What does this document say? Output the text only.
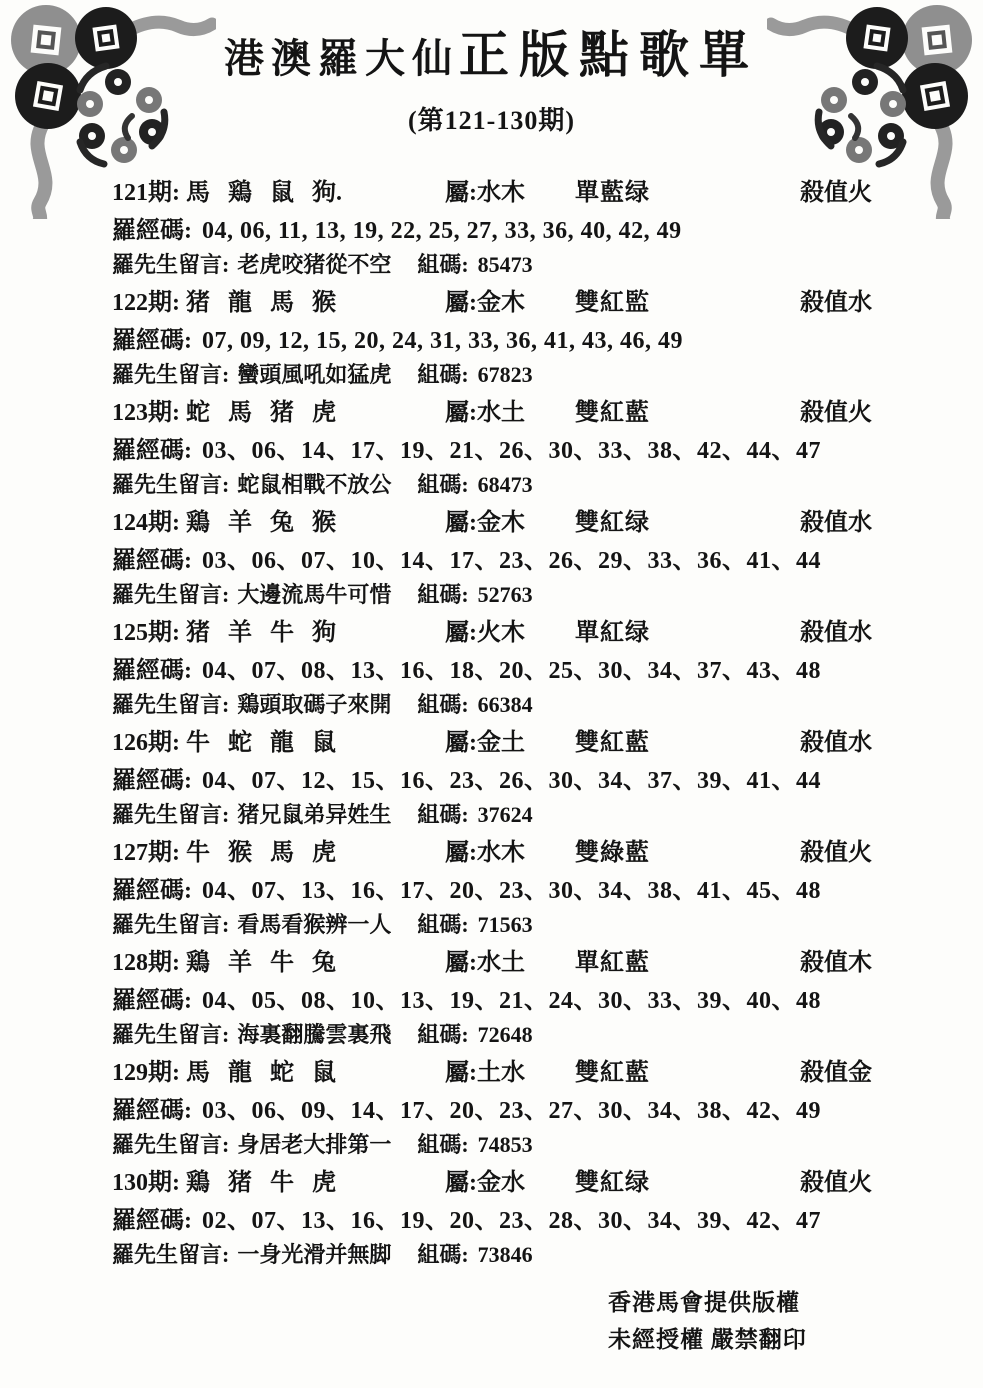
港澳羅大仙正版點歌單
(第121-130期)
121期: 馬 鶏 鼠 狗.	屬:水木	單藍绿	殺值火
羅經碼: 04, 06, 11, 13, 19, 22, 25, 27, 33, 36, 40, 42, 49
羅先生留言: 老虎咬猪從不空 組碼: 85473
122期: 猪 龍 馬 猴	屬:金木	雙紅監	殺值水
羅經碼: 07, 09, 12, 15, 20, 24, 31, 33, 36, 41, 43, 46, 49
羅先生留言: 蠻頭風吼如猛虎 組碼: 67823
123期: 蛇 馬 猪 虎	屬:水土	雙紅藍	殺值火
羅經碼: 03、06、14、17、19、21、26、30、33、38、42、44、47
羅先生留言: 蛇鼠相戰不放公 組碼: 68473
124期: 鶏 羊 兔 猴	屬:金木	雙紅绿	殺值水
羅經碼: 03、06、07、10、14、17、23、26、29、33、36、41、44
羅先生留言: 大邊流馬牛可惜 組碼: 52763
125期: 猪 羊 牛 狗	屬:火木	單紅绿	殺值水
羅經碼: 04、07、08、13、16、18、20、25、30、34、37、43、48
羅先生留言: 鶏頭取碼子來開 組碼: 66384
126期: 牛 蛇 龍 鼠	屬:金土	雙紅藍	殺值水
羅經碼: 04、07、12、15、16、23、26、30、34、37、39、41、44
羅先生留言: 猪兄鼠弟异姓生 組碼: 37624
127期: 牛 猴 馬 虎	屬:水木	雙綠藍	殺值火
羅經碼: 04、07、13、16、17、20、23、30、34、38、41、45、48
羅先生留言: 看馬看猴辨一人 組碼: 71563
128期: 鶏 羊 牛 兔	屬:水土	單紅藍	殺值木
羅經碼: 04、05、08、10、13、19、21、24、30、33、39、40、48
羅先生留言: 海裏翻騰雲裏飛 組碼: 72648
129期: 馬 龍 蛇 鼠	屬:土水	雙紅藍	殺值金
羅經碼: 03、06、09、14、17、20、23、27、30、34、38、42、49
羅先生留言: 身居老大排第一 組碼: 74853
130期: 鶏 猪 牛 虎	屬:金水	雙紅绿	殺值火
羅經碼: 02、07、13、16、19、20、23、28、30、34、39、42、47
羅先生留言: 一身光滑并無脚 組碼: 73846
香港馬會提供版權
未經授權 嚴禁翻印
